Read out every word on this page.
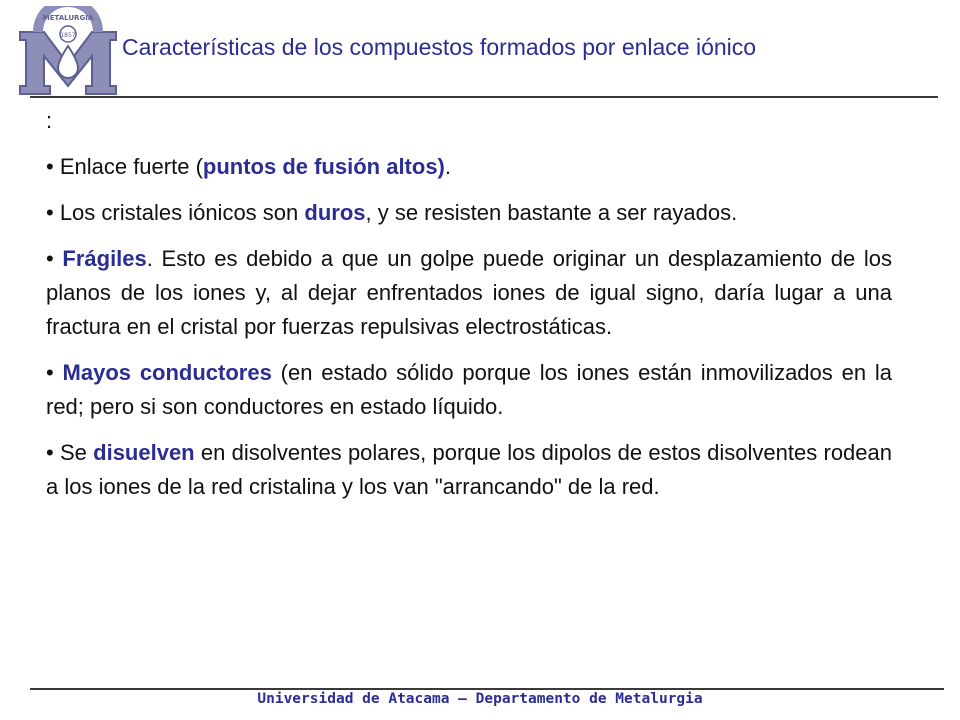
METALURGIA
1857 Características de los compuestos formados por enlace iónico

:

• Enlace fuerte (puntos de fusión altos).

• Los cristales iónicos son duros, y se resisten bastante a ser rayados.

• Frágiles. Esto es debido a que un golpe puede originar un desplazamiento de los planos de los iones y, al dejar enfrentados iones de igual signo, daría lugar a una fractura en el cristal por fuerzas repulsivas electrostáticas.

• Mayos conductores (en estado sólido porque los iones están inmovilizados en la red; pero si son conductores en estado líquido.

• Se disuelven en disolventes polares, porque los dipolos de estos disolventes rodean a los iones de la red cristalina y los van "arrancando" de la red.

Universidad de Atacama – Departamento de Metalurgia
